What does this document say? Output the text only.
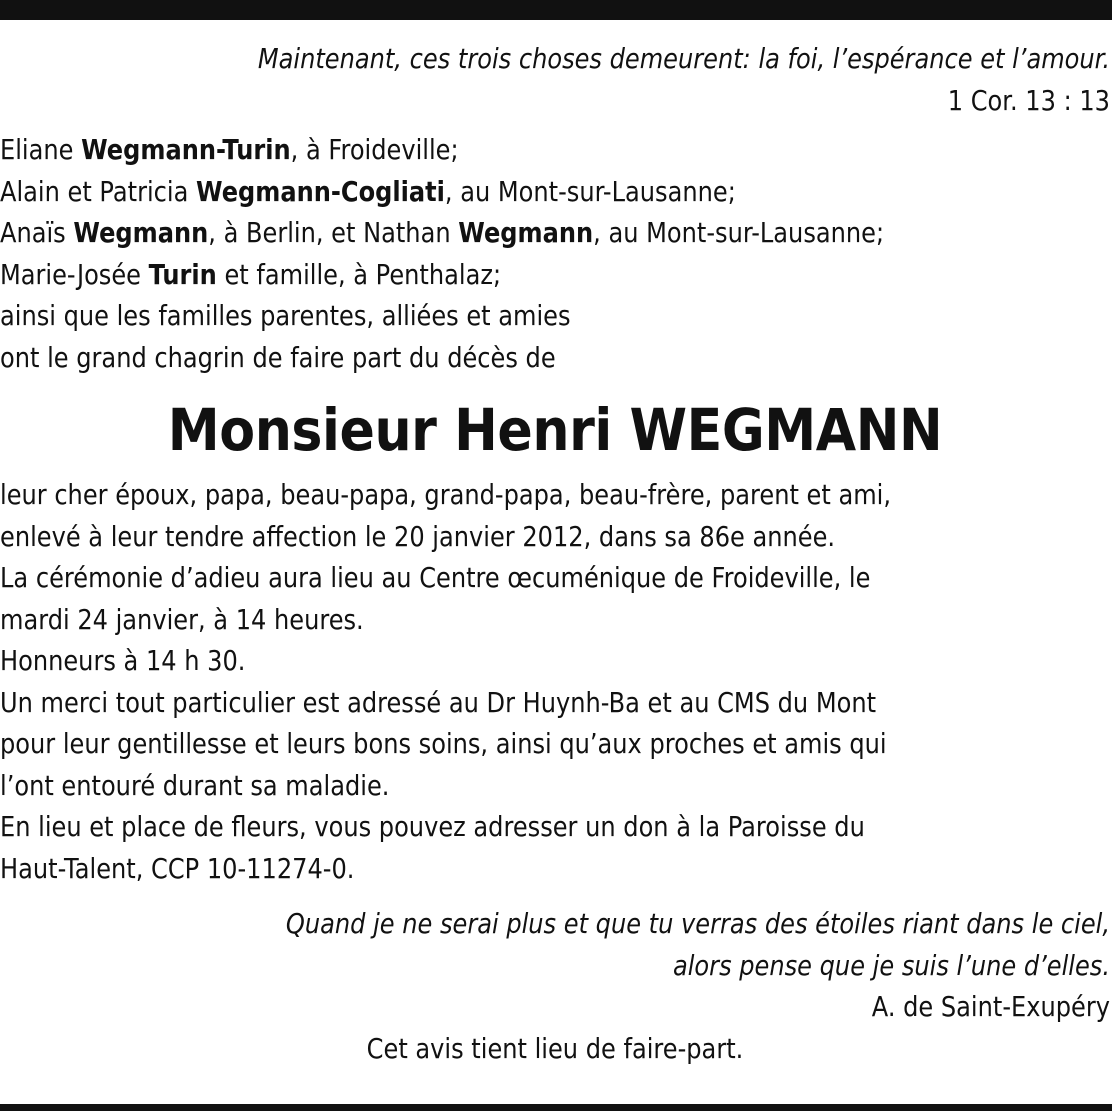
Maintenant, ces trois choses demeurent: la foi, l’espérance et l’amour.
1 Cor. 13 : 13
Eliane Wegmann-Turin, à Froideville;
Alain et Patricia Wegmann-Cogliati, au Mont-sur-Lausanne;
Anaïs Wegmann, à Berlin, et Nathan Wegmann, au Mont-sur-Lausanne;
Marie-Josée Turin et famille, à Penthalaz;
ainsi que les familles parentes, alliées et amies
ont le grand chagrin de faire part du décès de
Monsieur Henri WEGMANN
leur cher époux, papa, beau-papa, grand-papa, beau-frère, parent et ami,
enlevé à leur tendre affection le 20 janvier 2012, dans sa 86e année.
La cérémonie d’adieu aura lieu au Centre œcuménique de Froideville, le
mardi 24 janvier, à 14 heures.
Honneurs à 14 h 30.
Un merci tout particulier est adressé au Dr Huynh-Ba et au CMS du Mont
pour leur gentillesse et leurs bons soins, ainsi qu’aux proches et amis qui
l’ont entouré durant sa maladie.
En lieu et place de fleurs, vous pouvez adresser un don à la Paroisse du
Haut-Talent, CCP 10-11274-0.
Quand je ne serai plus et que tu verras des étoiles riant dans le ciel,
alors pense que je suis l’une d’elles.
A. de Saint-Exupéry
Cet avis tient lieu de faire-part.
